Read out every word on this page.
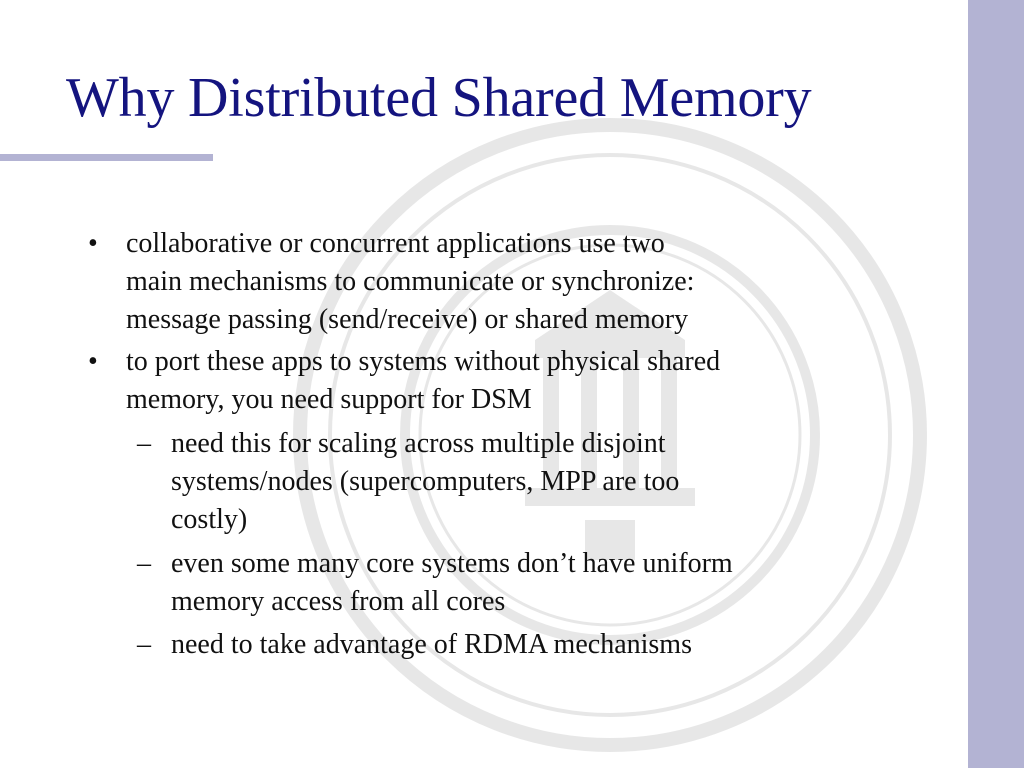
Why Distributed Shared Memory
• collaborative or concurrent applications use two
main mechanisms to communicate or synchronize:
message passing (send/receive) or shared memory
• to port these apps to systems without physical shared
memory, you need support for DSM
– need this for scaling across multiple disjoint
systems/nodes (supercomputers, MPP are too
costly)
– even some many core systems don’t have uniform
memory access from all cores
– need to take advantage of RDMA mechanisms
